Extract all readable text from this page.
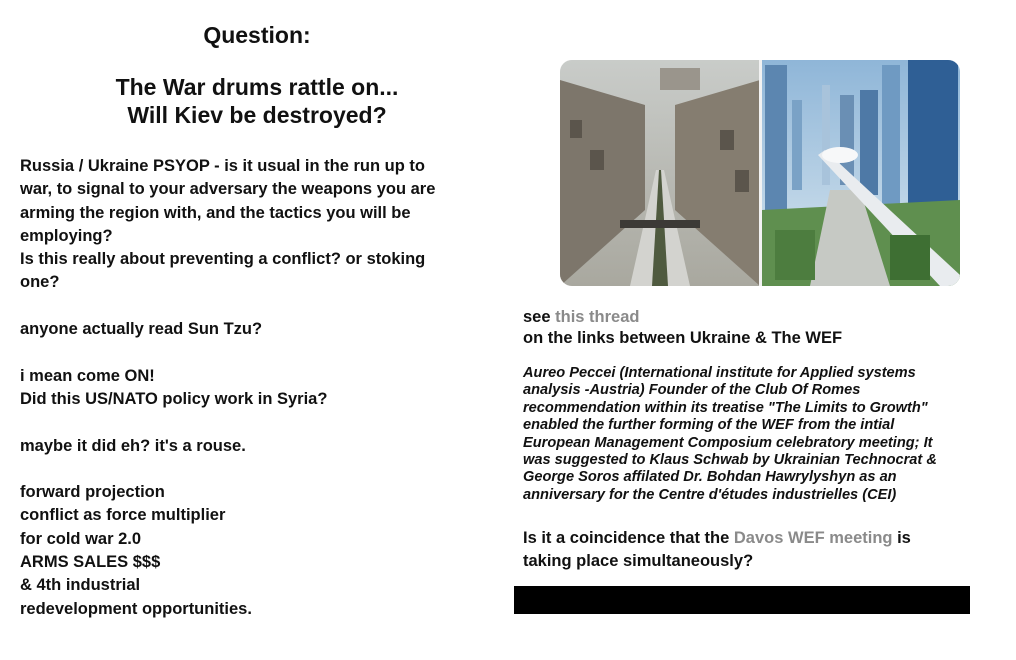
Question:
The War drums rattle on...
Will Kiev be destroyed?
Russia / Ukraine PSYOP - is it usual in the run up to
war, to signal to your adversary the weapons you are
arming the region with, and the tactics you will be
employing?
Is this really about preventing a conflict? or stoking
one?
anyone actually read Sun Tzu?
i mean come ON!
Did this US/NATO policy work in Syria?
maybe it did eh? it's a rouse.
forward projection
conflict as force multiplier
for cold war 2.0
ARMS SALES $$$
& 4th industrial
redevelopment opportunities.
see this thread
on the links between Ukraine & The WEF
Aureo Peccei (International institute for Applied systems
analysis -Austria) Founder of the Club Of Romes
recommendation within its treatise "The Limits to Growth"
enabled the further forming of the WEF from the intial
European Management Composium celebratory meeting; It
was suggested to Klaus Schwab by Ukrainian Technocrat &
George Soros affilated Dr. Bohdan Hawrylyshyn as an
anniversary for the Centre d'études industrielles (CEI)
Is it a coincidence that the Davos WEF meeting is
taking place simultaneously?
